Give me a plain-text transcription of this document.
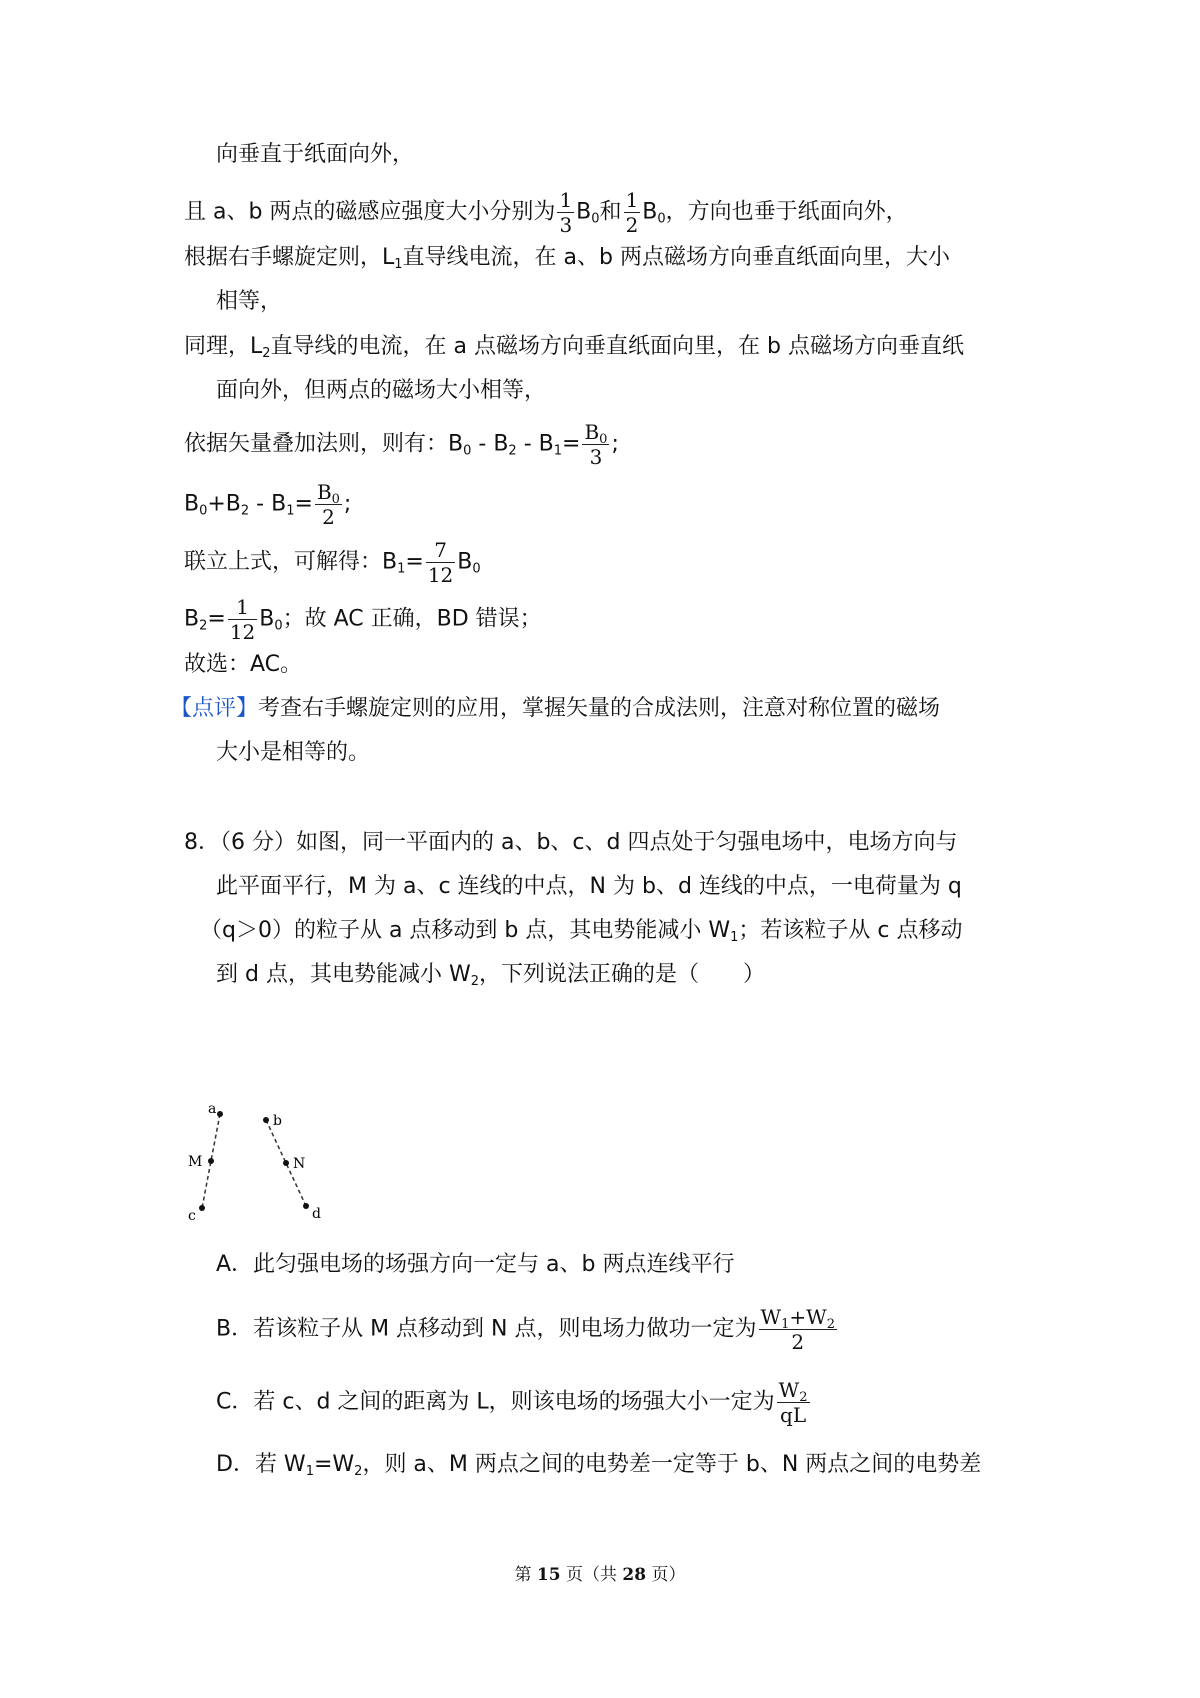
向垂直于纸面向外，
且 a、b 两点的磁感应强度大小分别为 $\frac{1}{3} B_0$和 $\frac{1}{2} B_0$，方向也垂于纸面向外，
根据右手螺旋定则，$L_1$直导线电流，在 a、b 两点磁场方向垂直纸面向里，大小
相等，
同理，$L_2$直导线的电流，在 a 点磁场方向垂直纸面向里，在 b 点磁场方向垂直纸
面向外，但两点的磁场大小相等，
依据矢量叠加法则，则有：$B_0 - B_2 - B_1= \frac{B_0}{3}$ ;
$B_0+B_2 - B_1= \frac{B_0}{2}$ ;
联立上式，可解得：$B_1= \frac{7}{12} B_0$
$B_2= \frac{1}{12} B_0$；故 AC 正确，BD 错误；
故选：AC。
【点评】考查右手螺旋定则的应用，掌握矢量的合成法则，注意对称位置的磁场
大小是相等的。
8．（6 分）如图，同一平面内的 a、b、c、d 四点处于匀强电场中，电场方向与
此平面平行，M 为 a、c 连线的中点，N 为 b、d 连线的中点，一电荷量为 q
（q＞0）的粒子从 a 点移动到 b 点，其电势能减小 $W_1$；若该粒子从 c 点移动
到 d 点，其电势能减小 $W_2$，下列说法正确的是（　　）
a
M
c
b
N
d
A．此匀强电场的场强方向一定与 a、b 两点连线平行
B．若该粒子从 M 点移动到 N 点，则电场力做功一定为 $\frac{W_1+W_2}{2}$
C．若 c、d 之间的距离为 L，则该电场的场强大小一定为 $\frac{W_2}{qL}$
D．若 $W_1=W_2$，则 a、M 两点之间的电势差一定等于 b、N 两点之间的电势差
第 15 页（共 28 页）
